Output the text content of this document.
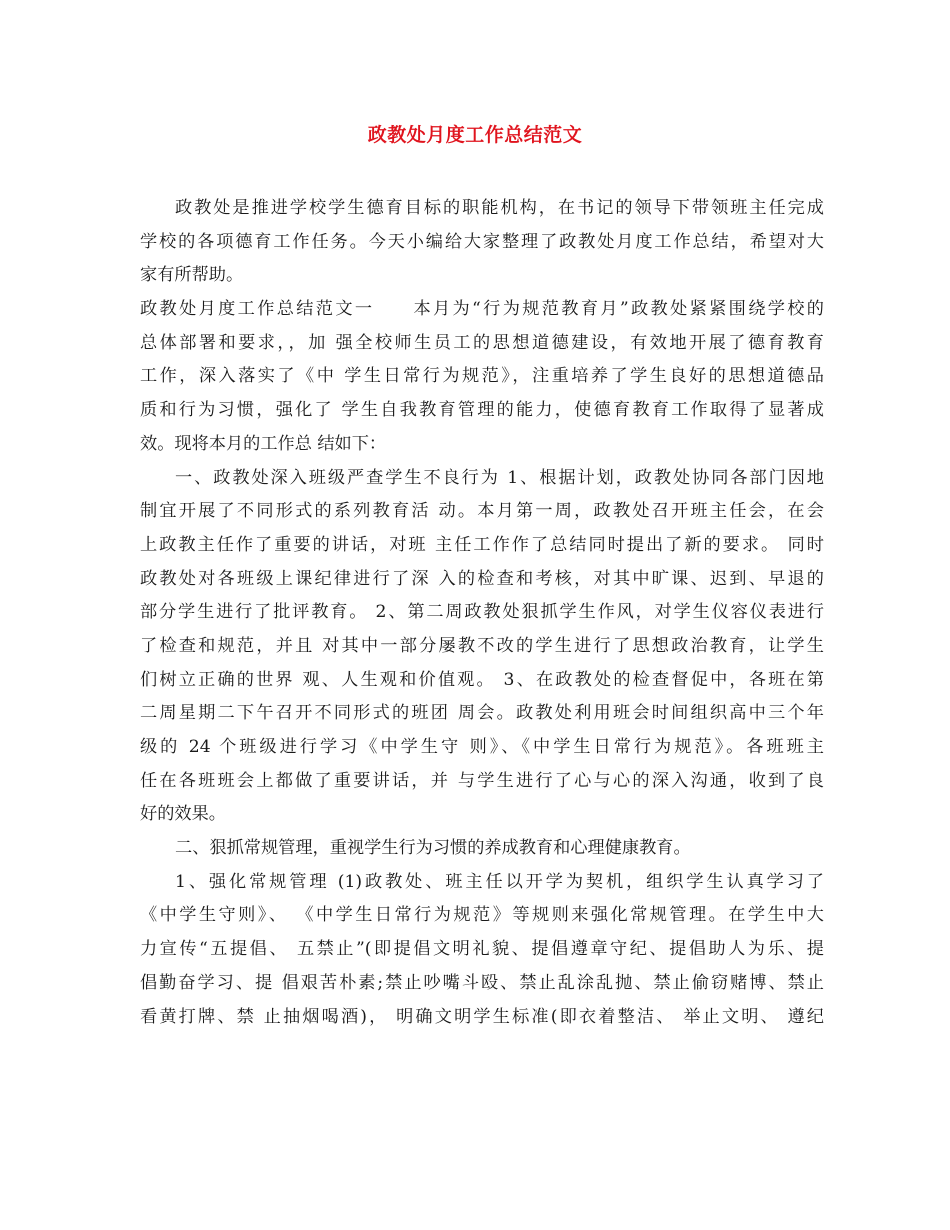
政教处月度工作总结范文
政教处是推进学校学生德育目标的职能机构，在书记的领导下带领班主任完成
学校的各项德育工作任务。今天小编给大家整理了政教处月度工作总结，希望对大
家有所帮助。
政教处月度工作总结范文一　　本月为“行为规范教育月”政教处紧紧围绕学校的
总体部署和要求，，加 强全校师生员工的思想道德建设，有效地开展了德育教育
工作，深入落实了《中 学生日常行为规范》，注重培养了学生良好的思想道德品
质和行为习惯，强化了 学生自我教育管理的能力，使德育教育工作取得了显著成
效。现将本月的工作总 结如下：
一、政教处深入班级严查学生不良行为 1、根据计划，政教处协同各部门因地
制宜开展了不同形式的系列教育活 动。本月第一周，政教处召开班主任会，在会
上政教主任作了重要的讲话，对班 主任工作作了总结同时提出了新的要求。 同时
政教处对各班级上课纪律进行了深 入的检查和考核，对其中旷课、迟到、早退的
部分学生进行了批评教育。 2、第二周政教处狠抓学生作风，对学生仪容仪表进行
了检查和规范，并且 对其中一部分屡教不改的学生进行了思想政治教育，让学生
们树立正确的世界 观、人生观和价值观。 3、在政教处的检查督促中，各班在第
二周星期二下午召开不同形式的班团 周会。政教处利用班会时间组织高中三个年
级的 24 个班级进行学习《中学生守 则》、《中学生日常行为规范》。各班班主
任在各班班会上都做了重要讲话，并 与学生进行了心与心的深入沟通，收到了良
好的效果。
二、狠抓常规管理，重视学生行为习惯的养成教育和心理健康教育。
1、强化常规管理 (1)政教处、班主任以开学为契机，组织学生认真学习了
《中学生守则》、 《中学生日常行为规范》等规则来强化常规管理。在学生中大
力宣传“五提倡、 五禁止”(即提倡文明礼貌、提倡遵章守纪、提倡助人为乐、提
倡勤奋学习、提 倡艰苦朴素;禁止吵嘴斗殴、禁止乱涂乱抛、禁止偷窃赌博、禁止
看黄打牌、禁 止抽烟喝酒)， 明确文明学生标准(即衣着整洁、 举止文明、 遵纪
